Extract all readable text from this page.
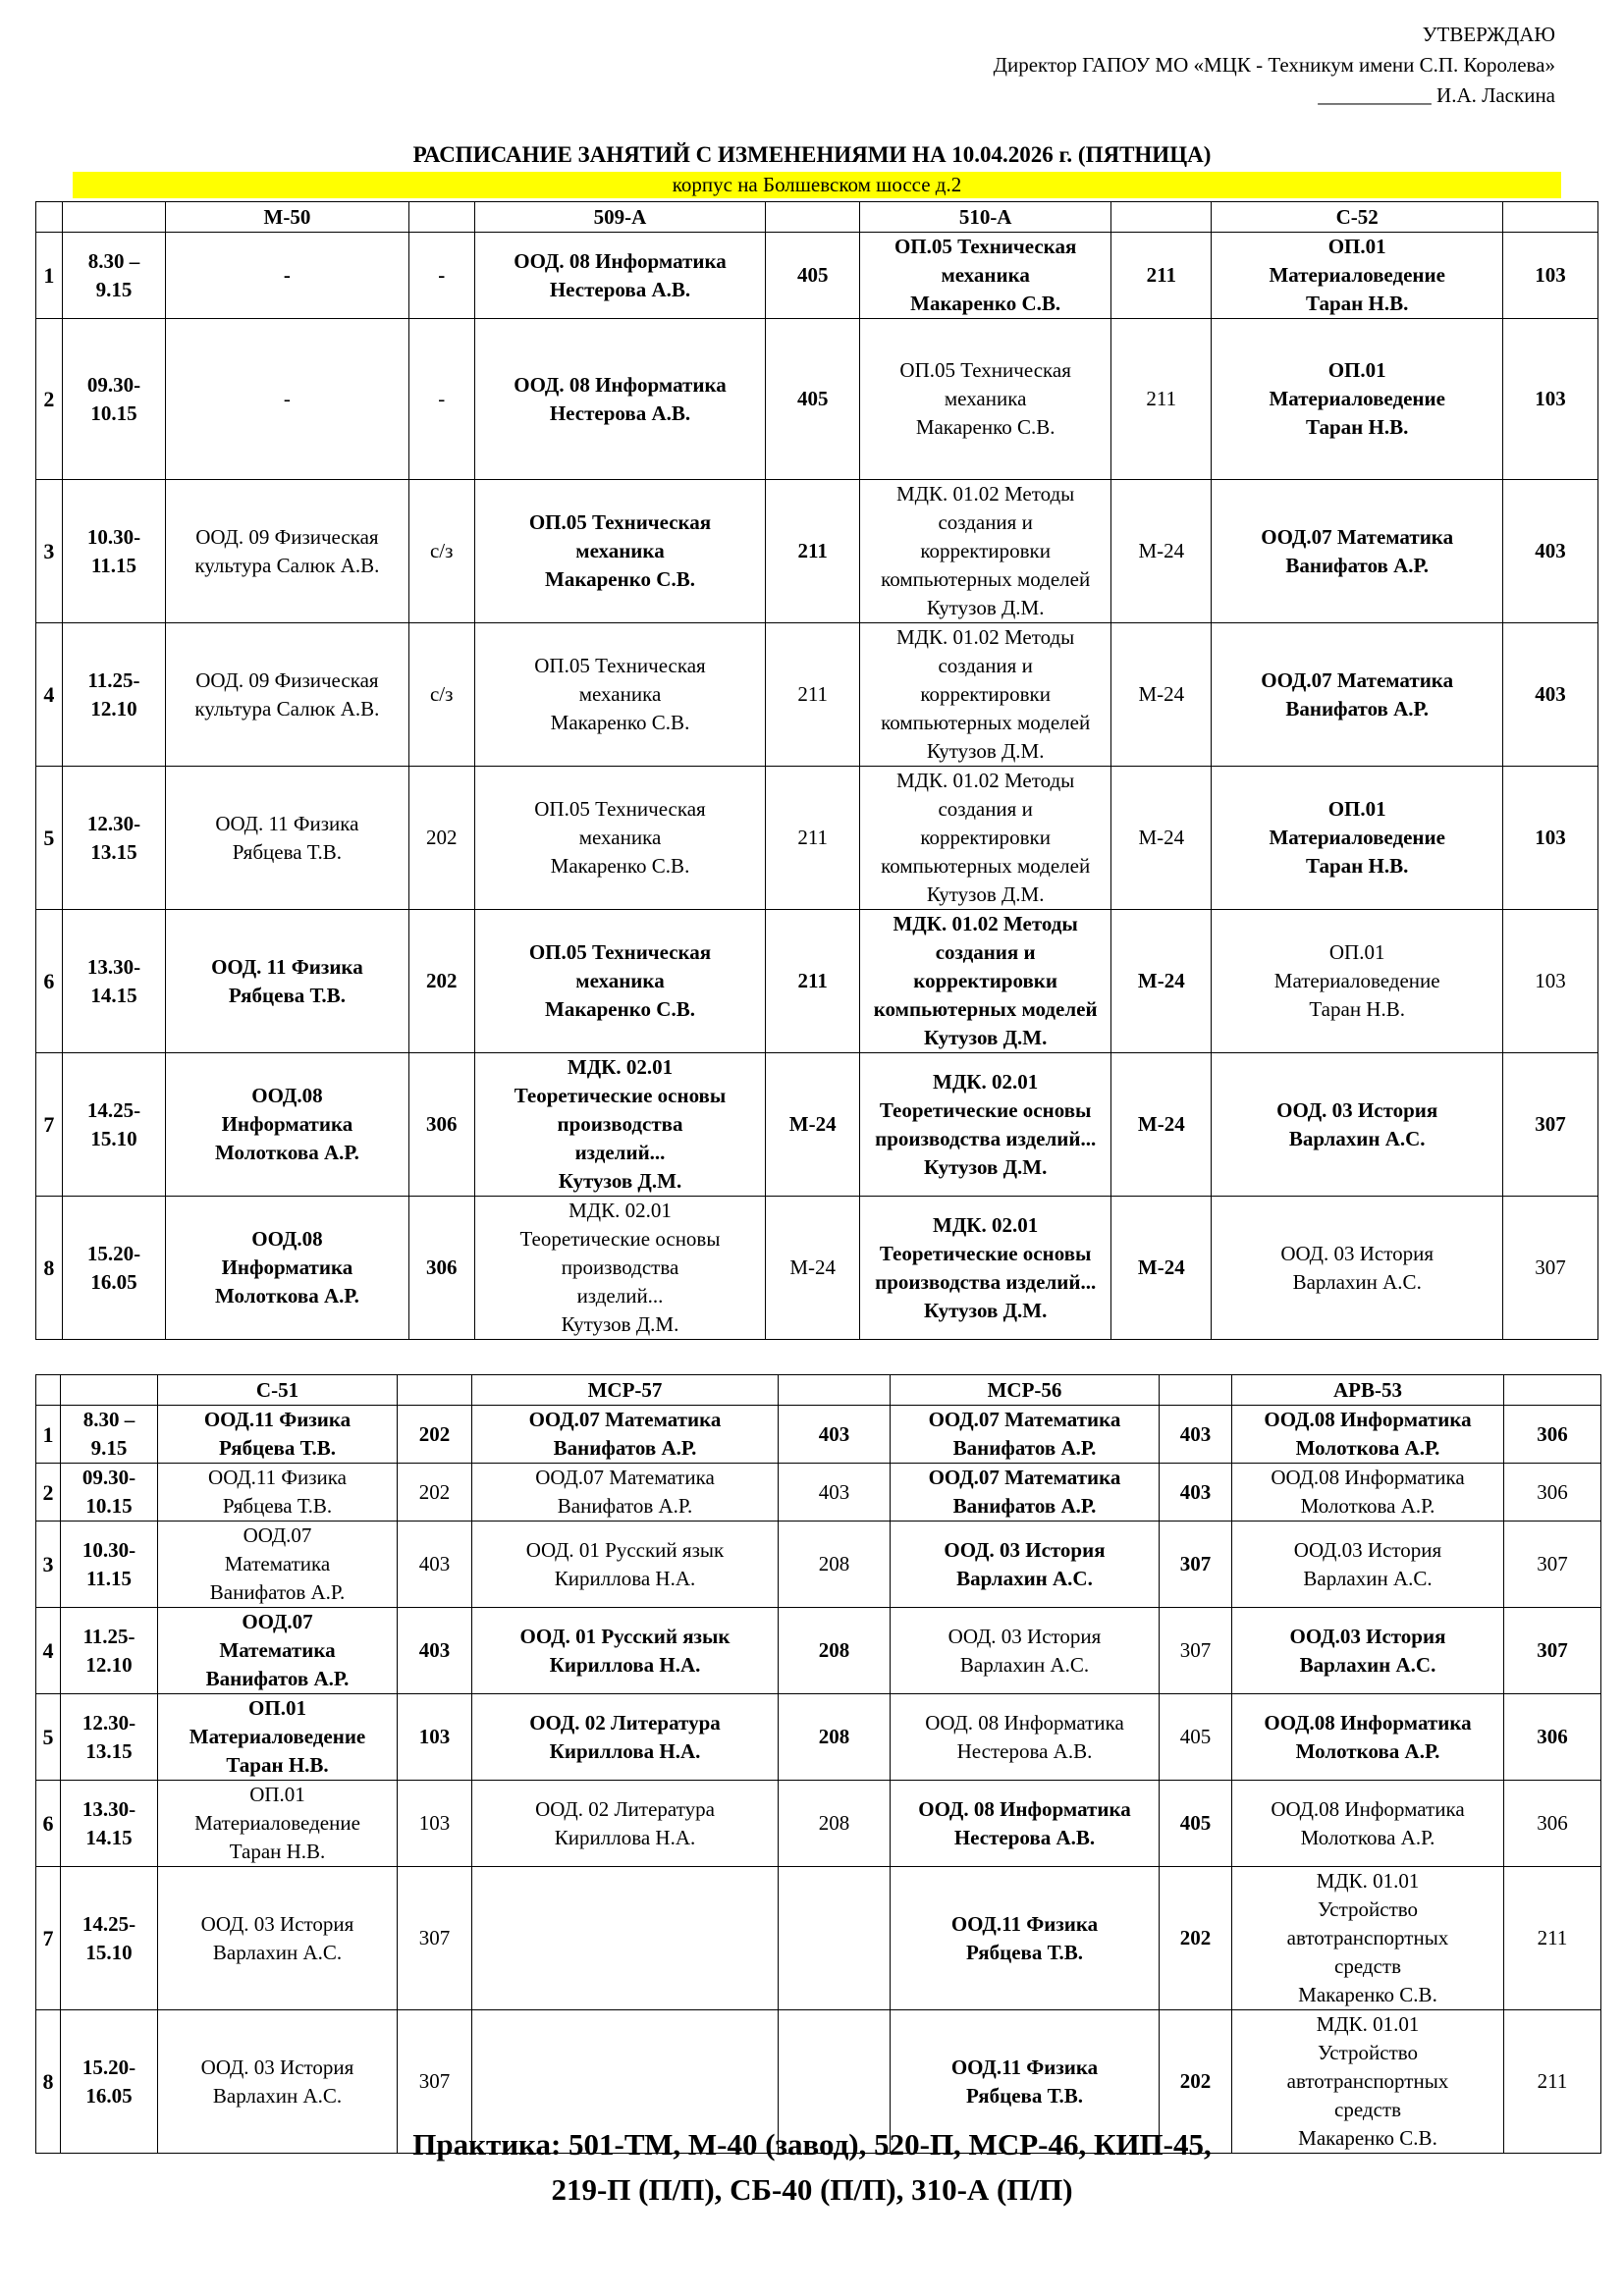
УТВЕРЖДАЮ
Директор ГАПОУ МО «МЦК - Техникум имени С.П. Королева»
___________ И.А. Ласкина
РАСПИСАНИЕ ЗАНЯТИЙ С ИЗМЕНЕНИЯМИ НА 10.04.2026 г. (ПЯТНИЦА)
корпус на Болшевском шоссе д.2
		М-50		509-А		510-А		С-52	
1	8.30 –
9.15	-	-	ООД. 08 Информатика
Нестерова А.В.	405	ОП.05 Техническая
механика
Макаренко С.В.	211	ОП.01
Материаловедение
Таран Н.В.	103
2	09.30-
10.15	-	-	ООД. 08 Информатика
Нестерова А.В.	405	ОП.05 Техническая
механика
Макаренко С.В.	211	ОП.01
Материаловедение
Таран Н.В.	103
3	10.30-
11.15	ООД. 09 Физическая
культура Салюк А.В.	с/з	ОП.05 Техническая
механика
Макаренко С.В.	211	МДК. 01.02 Методы
создания и
корректировки
компьютерных моделей
Кутузов Д.М.	М-24	ООД.07 Математика
Ванифатов А.Р.	403
4	11.25-
12.10	ООД. 09 Физическая
культура Салюк А.В.	с/з	ОП.05 Техническая
механика
Макаренко С.В.	211	МДК. 01.02 Методы
создания и
корректировки
компьютерных моделей
Кутузов Д.М.	М-24	ООД.07 Математика
Ванифатов А.Р.	403
5	12.30-
13.15	ООД. 11 Физика
Рябцева Т.В.	202	ОП.05 Техническая
механика
Макаренко С.В.	211	МДК. 01.02 Методы
создания и
корректировки
компьютерных моделей
Кутузов Д.М.	М-24	ОП.01
Материаловедение
Таран Н.В.	103
6	13.30-
14.15	ООД. 11 Физика
Рябцева Т.В.	202	ОП.05 Техническая
механика
Макаренко С.В.	211	МДК. 01.02 Методы
создания и
корректировки
компьютерных моделей
Кутузов Д.М.	М-24	ОП.01
Материаловедение
Таран Н.В.	103
7	14.25-
15.10	ООД.08
Информатика
Молоткова А.Р.	306	МДК. 02.01
Теоретические основы
производства
изделий...
Кутузов Д.М.	М-24	МДК. 02.01
Теоретические основы
производства изделий...
Кутузов Д.М.	М-24	ООД. 03 История
Варлахин А.С.	307
8	15.20-
16.05	ООД.08
Информатика
Молоткова А.Р.	306	МДК. 02.01
Теоретические основы
производства
изделий...
Кутузов Д.М.	М-24	МДК. 02.01
Теоретические основы
производства изделий...
Кутузов Д.М.	М-24	ООД. 03 История
Варлахин А.С.	307
		С-51		МСР-57		МСР-56		АРВ-53	
1	8.30 –
9.15	ООД.11 Физика
Рябцева Т.В.	202	ООД.07 Математика
Ванифатов А.Р.	403	ООД.07 Математика
Ванифатов А.Р.	403	ООД.08 Информатика
Молоткова А.Р.	306
2	09.30-
10.15	ООД.11 Физика
Рябцева Т.В.	202	ООД.07 Математика
Ванифатов А.Р.	403	ООД.07 Математика
Ванифатов А.Р.	403	ООД.08 Информатика
Молоткова А.Р.	306
3	10.30-
11.15	ООД.07
Математика
Ванифатов А.Р.	403	ООД. 01 Русский язык
Кириллова Н.А.	208	ООД. 03 История
Варлахин А.С.	307	ООД.03 История
Варлахин А.С.	307
4	11.25-
12.10	ООД.07
Математика
Ванифатов А.Р.	403	ООД. 01 Русский язык
Кириллова Н.А.	208	ООД. 03 История
Варлахин А.С.	307	ООД.03 История
Варлахин А.С.	307
5	12.30-
13.15	ОП.01
Материаловедение
Таран Н.В.	103	ООД. 02 Литература
Кириллова Н.А.	208	ООД. 08 Информатика
Нестерова А.В.	405	ООД.08 Информатика
Молоткова А.Р.	306
6	13.30-
14.15	ОП.01
Материаловедение
Таран Н.В.	103	ООД. 02 Литература
Кириллова Н.А.	208	ООД. 08 Информатика
Нестерова А.В.	405	ООД.08 Информатика
Молоткова А.Р.	306
7	14.25-
15.10	ООД. 03 История
Варлахин А.С.	307			ООД.11 Физика
Рябцева Т.В.	202	МДК. 01.01
Устройство
автотранспортных
средств
Макаренко С.В.	211
8	15.20-
16.05	ООД. 03 История
Варлахин А.С.	307			ООД.11 Физика
Рябцева Т.В.	202	МДК. 01.01
Устройство
автотранспортных
средств
Макаренко С.В.	211
Практика: 501-ТМ, М-40 (завод), 520-П, МСР-46, КИП-45,
219-П (П/П), СБ-40 (П/П), 310-А (П/П)
